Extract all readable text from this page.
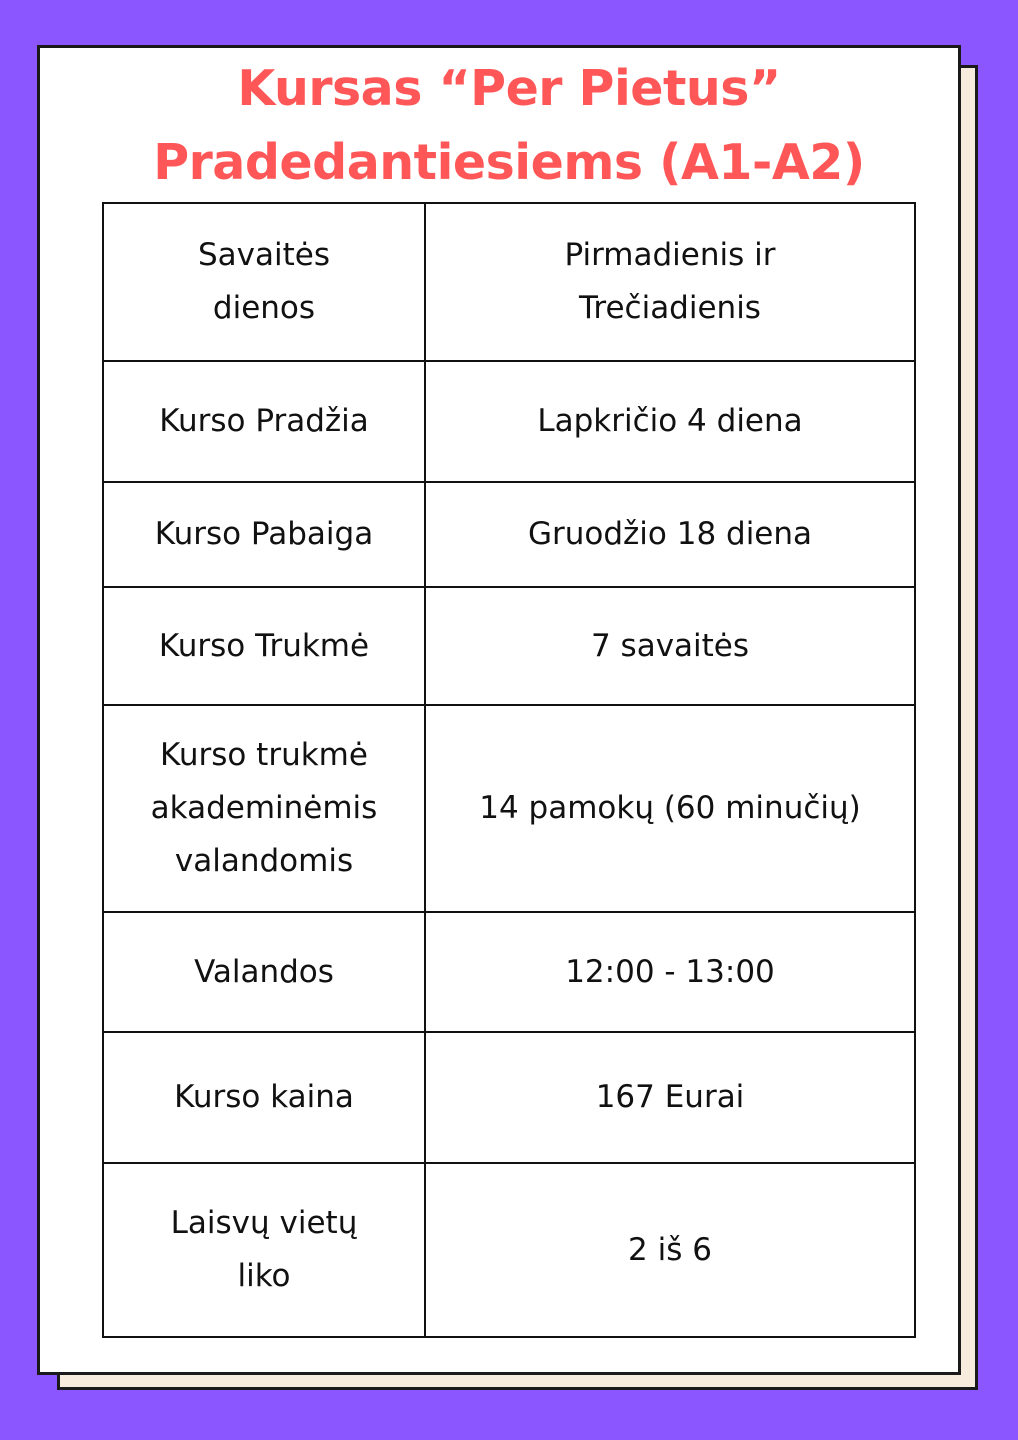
Kursas “Per Pietus”
Pradedantiesiems (A1-A2)
Savaitės dienos	Pirmadienis ir Trečiadienis
Kurso Pradžia	Lapkričio 4 diena
Kurso Pabaiga	Gruodžio 18 diena
Kurso Trukmė	7 savaitės
Kurso trukmė akademinėmis valandomis	14 pamokų (60 minučių)
Valandos	12:00 - 13:00
Kurso kaina	167 Eurai
Laisvų vietų liko	2 iš 6
